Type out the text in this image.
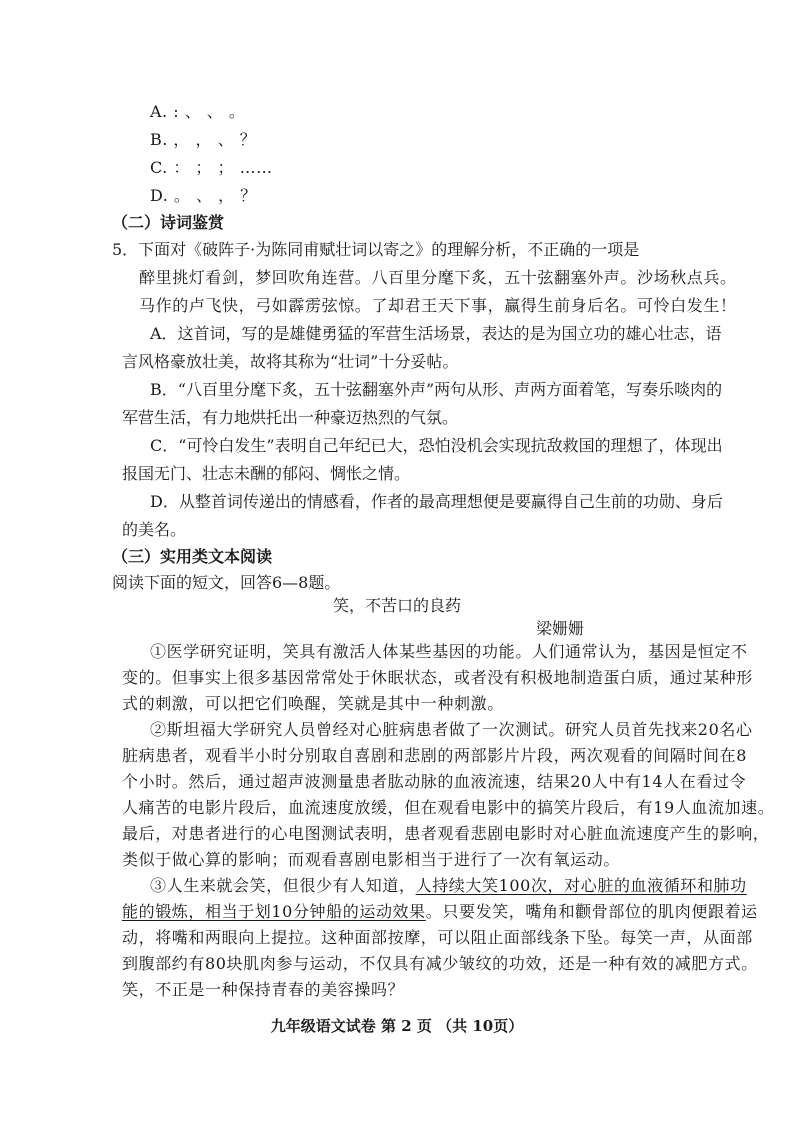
A. : 、 、 。
B. ， ， 、 ？
C. ： ； ； ……
D. 。 、 ， ？
（二）诗词鉴赏
5．下面对《破阵子·为陈同甫赋壮词以寄之》的理解分析，不正确的一项是
醉里挑灯看剑，梦回吹角连营。八百里分麾下炙，五十弦翻塞外声。沙场秋点兵。
马作的卢飞快，弓如霹雳弦惊。了却君王天下事，赢得生前身后名。可怜白发生！
A．这首词，写的是雄健勇猛的军营生活场景，表达的是为国立功的雄心壮志，语
言风格豪放壮美，故将其称为“壮词”十分妥帖。
B．“八百里分麾下炙，五十弦翻塞外声”两句从形、声两方面着笔，写奏乐啖肉的
军营生活，有力地烘托出一种豪迈热烈的气氛。
C．“可怜白发生”表明自己年纪已大，恐怕没机会实现抗敌救国的理想了，体现出
报国无门、壮志未酬的郁闷、惆怅之情。
D．从整首词传递出的情感看，作者的最高理想便是要赢得自己生前的功勋、身后
的美名。
（三）实用类文本阅读
阅读下面的短文，回答6—8题。
笑，不苦口的良药
梁姗姗
①医学研究证明，笑具有激活人体某些基因的功能。人们通常认为，基因是恒定不
变的。但事实上很多基因常常处于休眠状态，或者没有积极地制造蛋白质，通过某种形
式的刺激，可以把它们唤醒，笑就是其中一种刺激。
②斯坦福大学研究人员曾经对心脏病患者做了一次测试。研究人员首先找来20名心
脏病患者，观看半小时分别取自喜剧和悲剧的两部影片片段，两次观看的间隔时间在8
个小时。然后，通过超声波测量患者肱动脉的血液流速，结果20人中有14人在看过令
人痛苦的电影片段后，血流速度放缓，但在观看电影中的搞笑片段后，有19人血流加速。
最后，对患者进行的心电图测试表明，患者观看悲剧电影时对心脏血流速度产生的影响，
类似于做心算的影响；而观看喜剧电影相当于进行了一次有氧运动。
③人生来就会笑，但很少有人知道，人持续大笑100次，对心脏的血液循环和肺功
能的锻炼，相当于划10分钟船的运动效果。只要发笑，嘴角和颧骨部位的肌肉便跟着运
动，将嘴和两眼向上提拉。这种面部按摩，可以阻止面部线条下坠。每笑一声，从面部
到腹部约有80块肌肉参与运动，不仅具有减少皱纹的功效，还是一种有效的减肥方式。
笑，不正是一种保持青春的美容操吗？
九年级语文试卷 第 2 页 （共 10页）
